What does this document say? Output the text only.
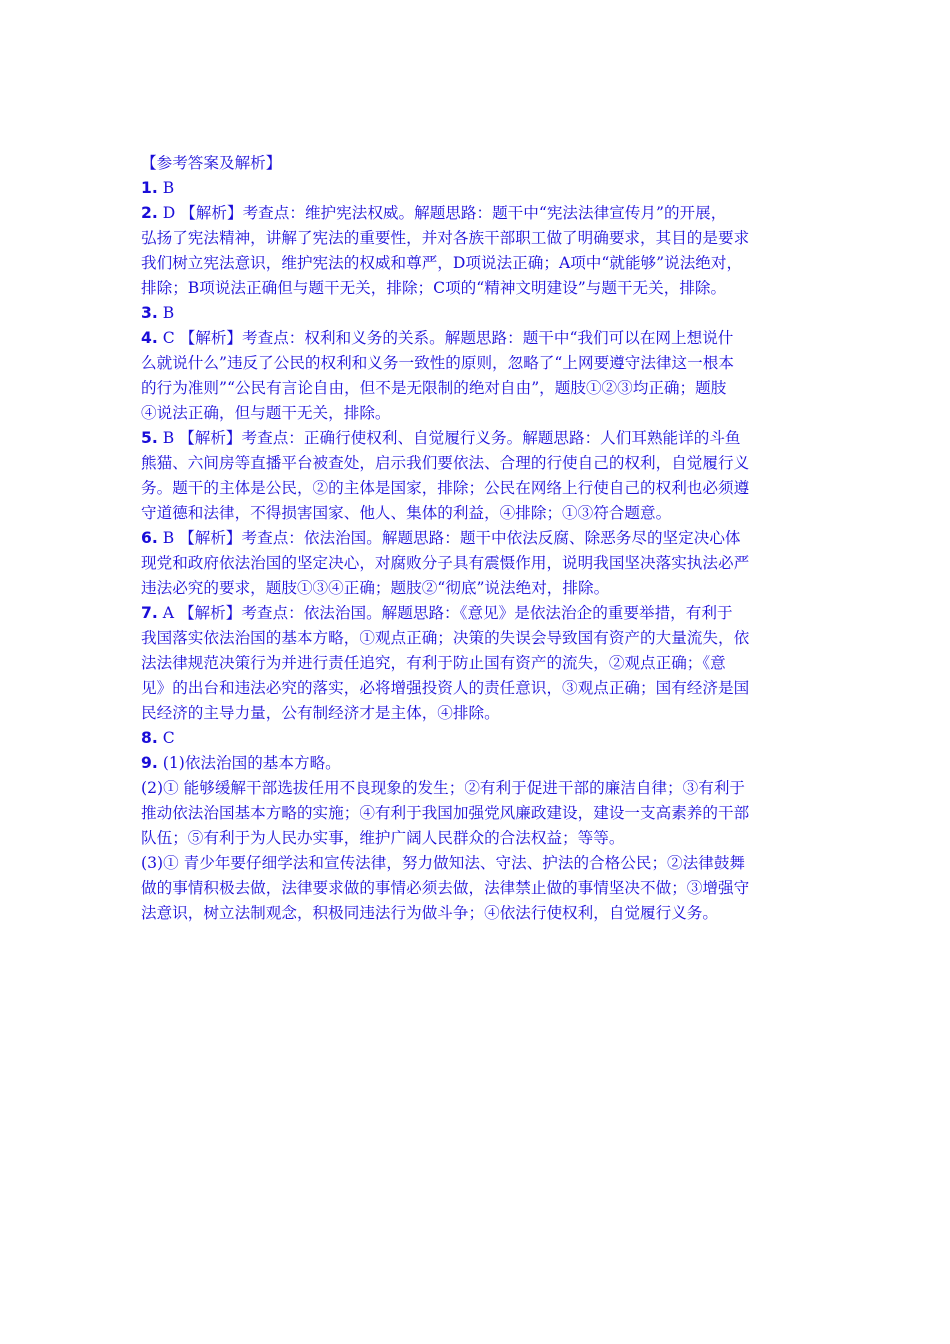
【参考答案及解析】
1. B
2. D 【解析】考查点：维护宪法权威。解题思路：题干中“宪法法律宣传月”的开展，
弘扬了宪法精神，讲解了宪法的重要性，并对各族干部职工做了明确要求，其目的是要求
我们树立宪法意识，维护宪法的权威和尊严，D项说法正确；A项中“就能够”说法绝对，
排除；B项说法正确但与题干无关，排除；C项的“精神文明建设”与题干无关，排除。
3. B
4. C 【解析】考查点：权利和义务的关系。解题思路：题干中“我们可以在网上想说什
么就说什么”违反了公民的权利和义务一致性的原则，忽略了“上网要遵守法律这一根本
的行为准则”“公民有言论自由，但不是无限制的绝对自由”，题肢①②③均正确；题肢
④说法正确，但与题干无关，排除。
5. B 【解析】考查点：正确行使权利、自觉履行义务。解题思路：人们耳熟能详的斗鱼
熊猫、六间房等直播平台被查处，启示我们要依法、合理的行使自己的权利，自觉履行义
务。题干的主体是公民，②的主体是国家，排除；公民在网络上行使自己的权利也必须遵
守道德和法律，不得损害国家、他人、集体的利益，④排除；①③符合题意。
6. B 【解析】考查点：依法治国。解题思路：题干中依法反腐、除恶务尽的坚定决心体
现党和政府依法治国的坚定决心，对腐败分子具有震慑作用，说明我国坚决落实执法必严
违法必究的要求，题肢①③④正确；题肢②“彻底”说法绝对，排除。
7. A 【解析】考查点：依法治国。解题思路：《意见》是依法治企的重要举措，有利于
我国落实依法治国的基本方略，①观点正确；决策的失误会导致国有资产的大量流失，依
法法律规范决策行为并进行责任追究，有利于防止国有资产的流失，②观点正确；《意
见》的出台和违法必究的落实，必将增强投资人的责任意识，③观点正确；国有经济是国
民经济的主导力量，公有制经济才是主体，④排除。
8. C
9. (1)依法治国的基本方略。
(2)① 能够缓解干部选拔任用不良现象的发生；②有利于促进干部的廉洁自律；③有利于
推动依法治国基本方略的实施；④有利于我国加强党风廉政建设，建设一支高素养的干部
队伍；⑤有利于为人民办实事，维护广阔人民群众的合法权益；等等。
(3)① 青少年要仔细学法和宣传法律，努力做知法、守法、护法的合格公民；②法律鼓舞
做的事情积极去做，法律要求做的事情必须去做，法律禁止做的事情坚决不做；③增强守
法意识，树立法制观念，积极同违法行为做斗争；④依法行使权利，自觉履行义务。
